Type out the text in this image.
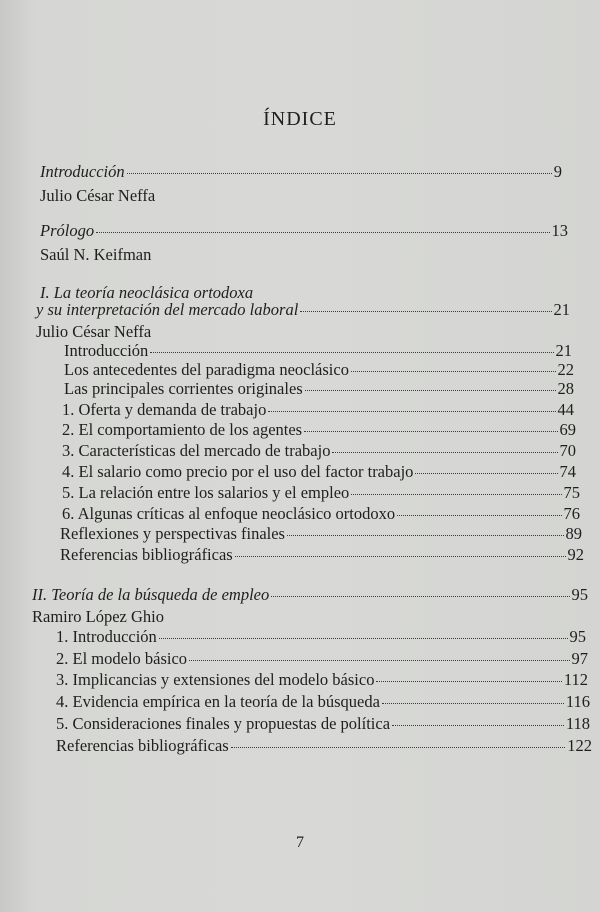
ÍNDICE
Introducción	9
Julio César Neffa
Prólogo	13
Saúl N. Keifman
I. La teoría neoclásica ortodoxa
y su interpretación del mercado laboral	21
Julio César Neffa
Introducción	21
Los antecedentes del paradigma neoclásico	22
Las principales corrientes originales	28
1. Oferta y demanda de trabajo	44
2. El comportamiento de los agentes	69
3. Características del mercado de trabajo	70
4. El salario como precio por el uso del factor trabajo	74
5. La relación entre los salarios y el empleo	75
6. Algunas críticas al enfoque neoclásico ortodoxo	76
Reflexiones y perspectivas finales	89
Referencias bibliográficas	92
II. Teoría de la búsqueda de empleo	95
Ramiro López Ghio
1. Introducción	95
2. El modelo básico	97
3. Implicancias y extensiones del modelo básico	112
4. Evidencia empírica en la teoría de la búsqueda	116
5. Consideraciones finales y propuestas de política	118
Referencias bibliográficas	122
7
